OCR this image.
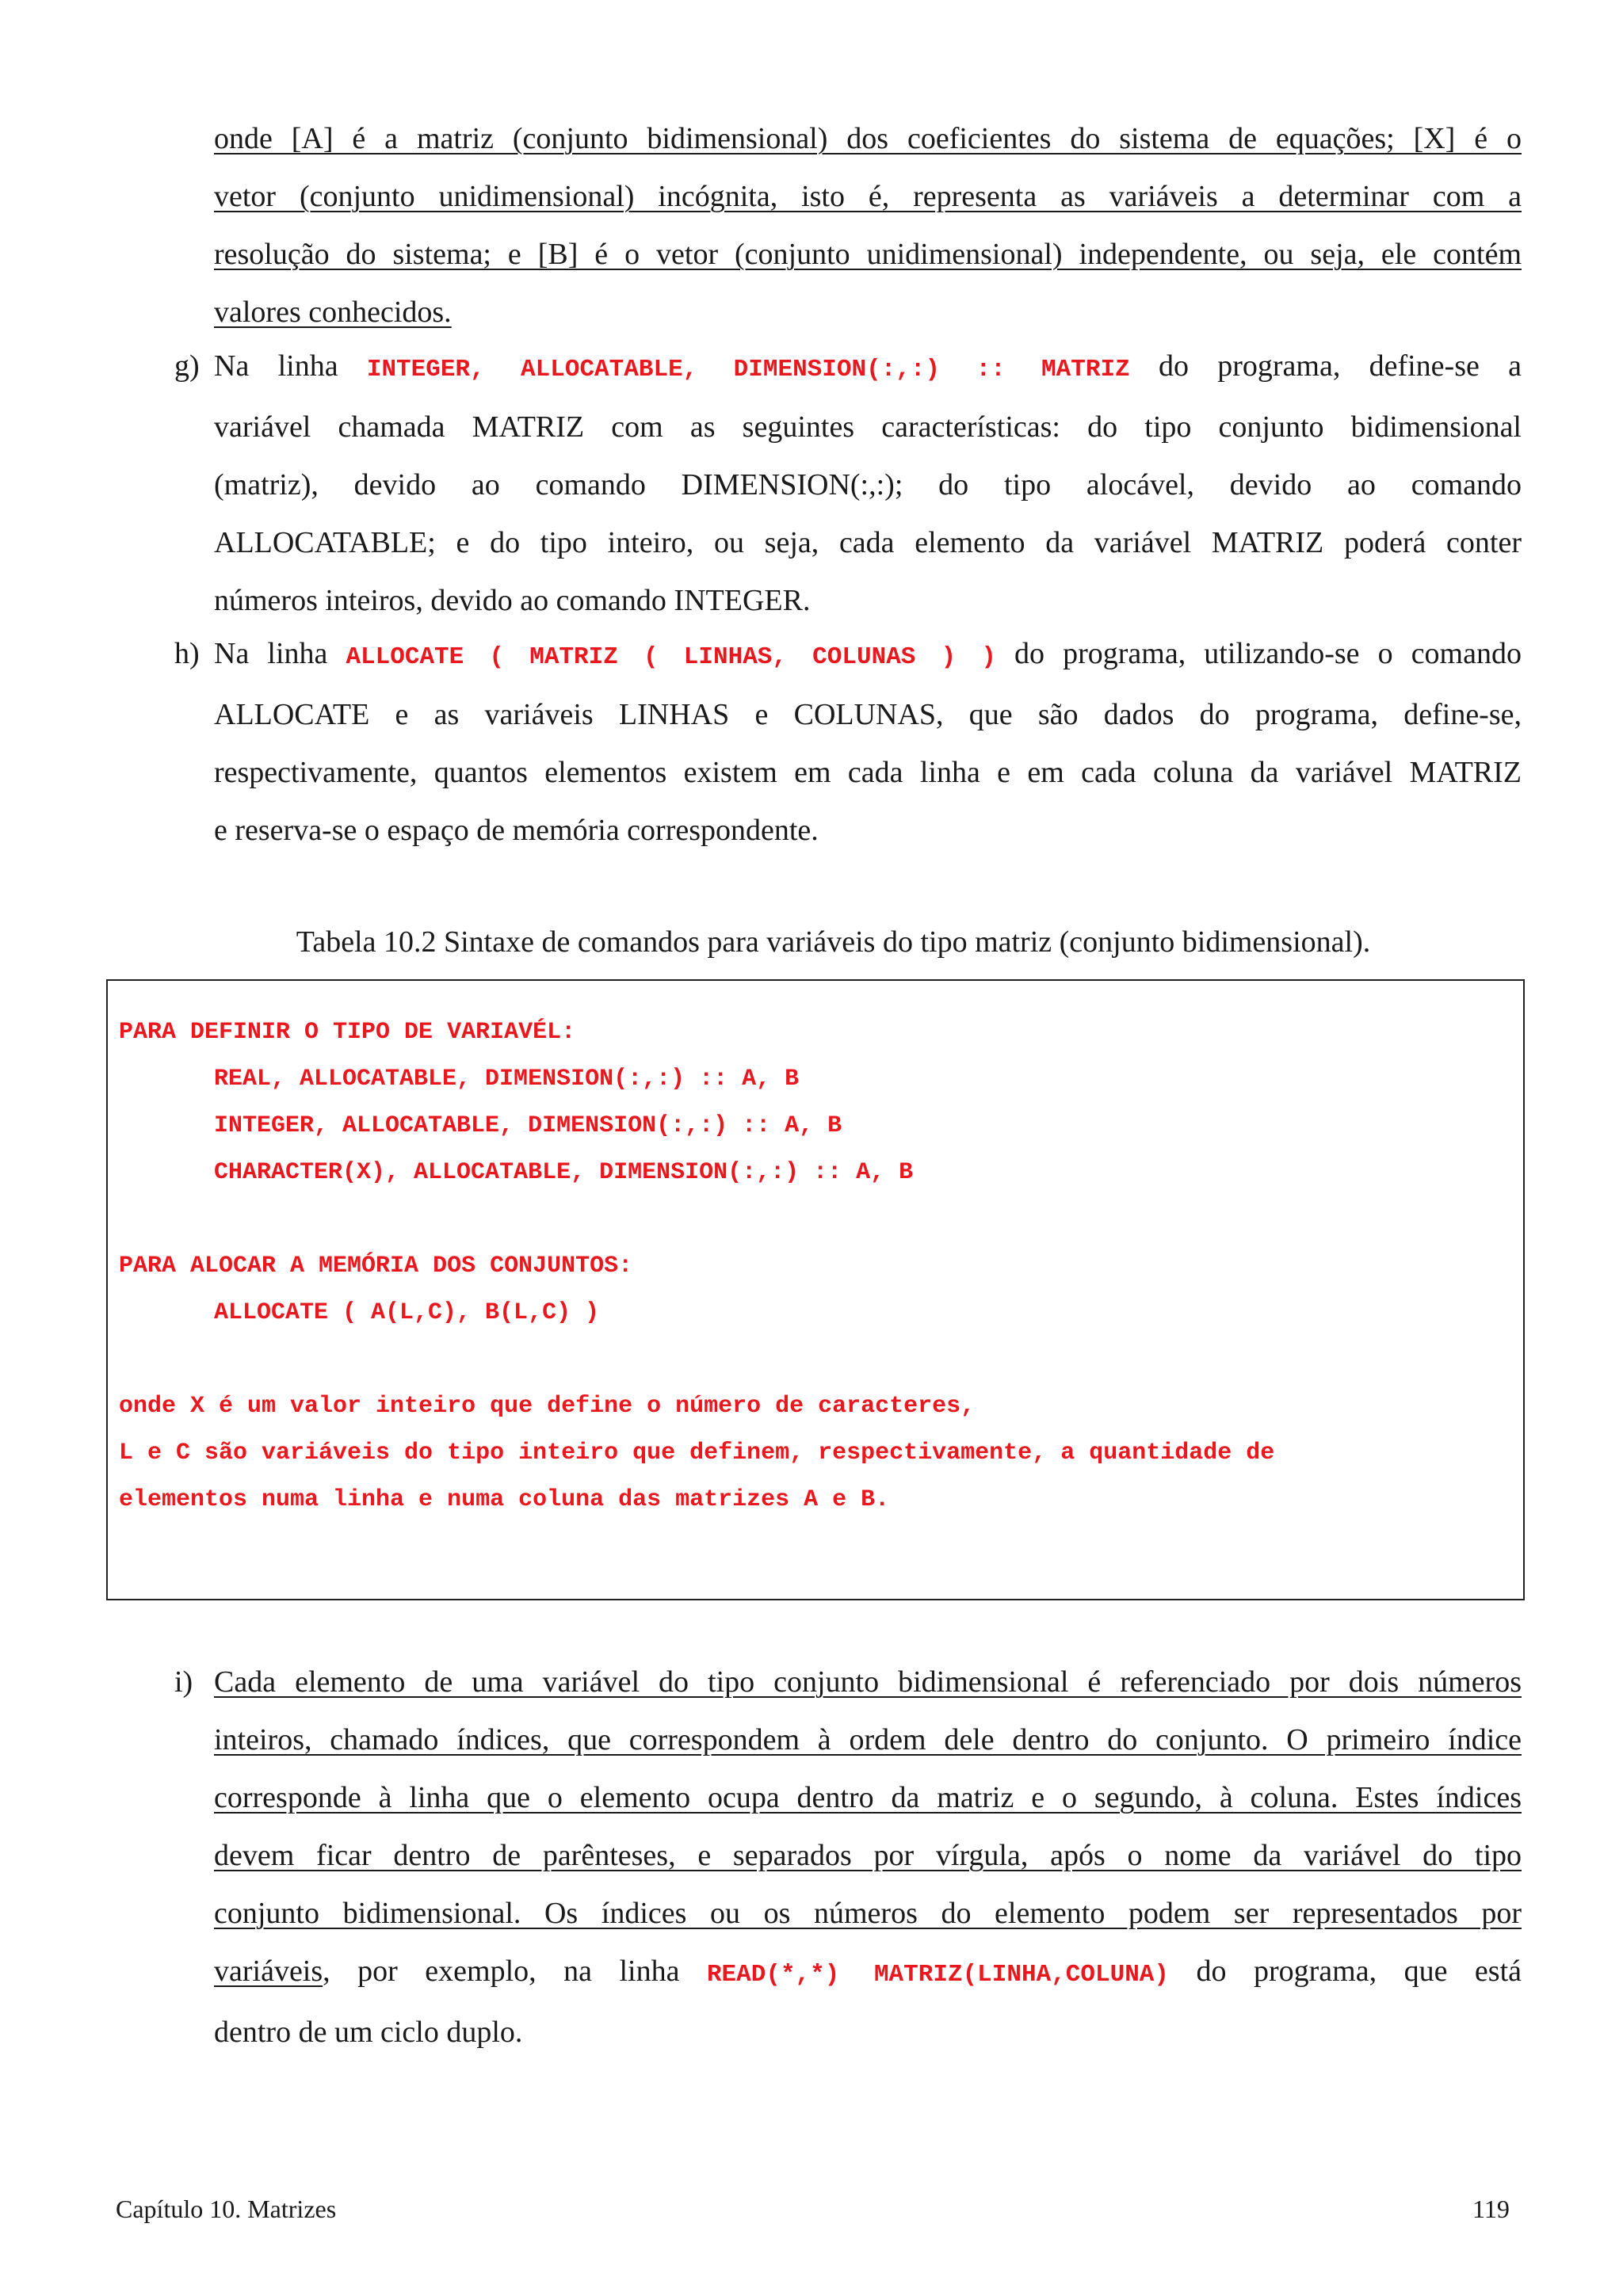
onde [A] é a matriz (conjunto bidimensional) dos coeficientes do sistema de equações; [X] é o
vetor (conjunto unidimensional) incógnita, isto é, representa as variáveis a determinar com a
resolução do sistema; e [B] é o vetor (conjunto unidimensional) independente, ou seja, ele contém
valores conhecidos.
g) Na linha INTEGER, ALLOCATABLE, DIMENSION(:,:) :: MATRIZ do programa, define-se a
variável chamada MATRIZ com as seguintes características: do tipo conjunto bidimensional
(matriz), devido ao comando DIMENSION(:,:); do tipo alocável, devido ao comando
ALLOCATABLE; e do tipo inteiro, ou seja, cada elemento da variável MATRIZ poderá conter
números inteiros, devido ao comando INTEGER.
h) Na linha ALLOCATE ( MATRIZ ( LINHAS, COLUNAS ) ) do programa, utilizando-se o comando
ALLOCATE e as variáveis LINHAS e COLUNAS, que são dados do programa, define-se,
respectivamente, quantos elementos existem em cada linha e em cada coluna da variável MATRIZ
e reserva-se o espaço de memória correspondente.
Tabela 10.2 Sintaxe de comandos para variáveis do tipo matriz (conjunto bidimensional).
PARA DEFINIR O TIPO DE VARIAVÉL:
REAL, ALLOCATABLE, DIMENSION(:,:) :: A, B
INTEGER, ALLOCATABLE, DIMENSION(:,:) :: A, B
CHARACTER(X), ALLOCATABLE, DIMENSION(:,:) :: A, B
PARA ALOCAR A MEMÓRIA DOS CONJUNTOS:
ALLOCATE ( A(L,C), B(L,C) )
onde X é um valor inteiro que define o número de caracteres,
L e C são variáveis do tipo inteiro que definem, respectivamente, a quantidade de
elementos numa linha e numa coluna das matrizes A e B.
i) Cada elemento de uma variável do tipo conjunto bidimensional é referenciado por dois números
inteiros, chamado índices, que correspondem à ordem dele dentro do conjunto. O primeiro índice
corresponde à linha que o elemento ocupa dentro da matriz e o segundo, à coluna. Estes índices
devem ficar dentro de parênteses, e separados por vírgula, após o nome da variável do tipo
conjunto bidimensional. Os índices ou os números do elemento podem ser representados por
variáveis, por exemplo, na linha READ(*,*) MATRIZ(LINHA,COLUNA) do programa, que está
dentro de um ciclo duplo.
Capítulo 10. Matrizes	119
